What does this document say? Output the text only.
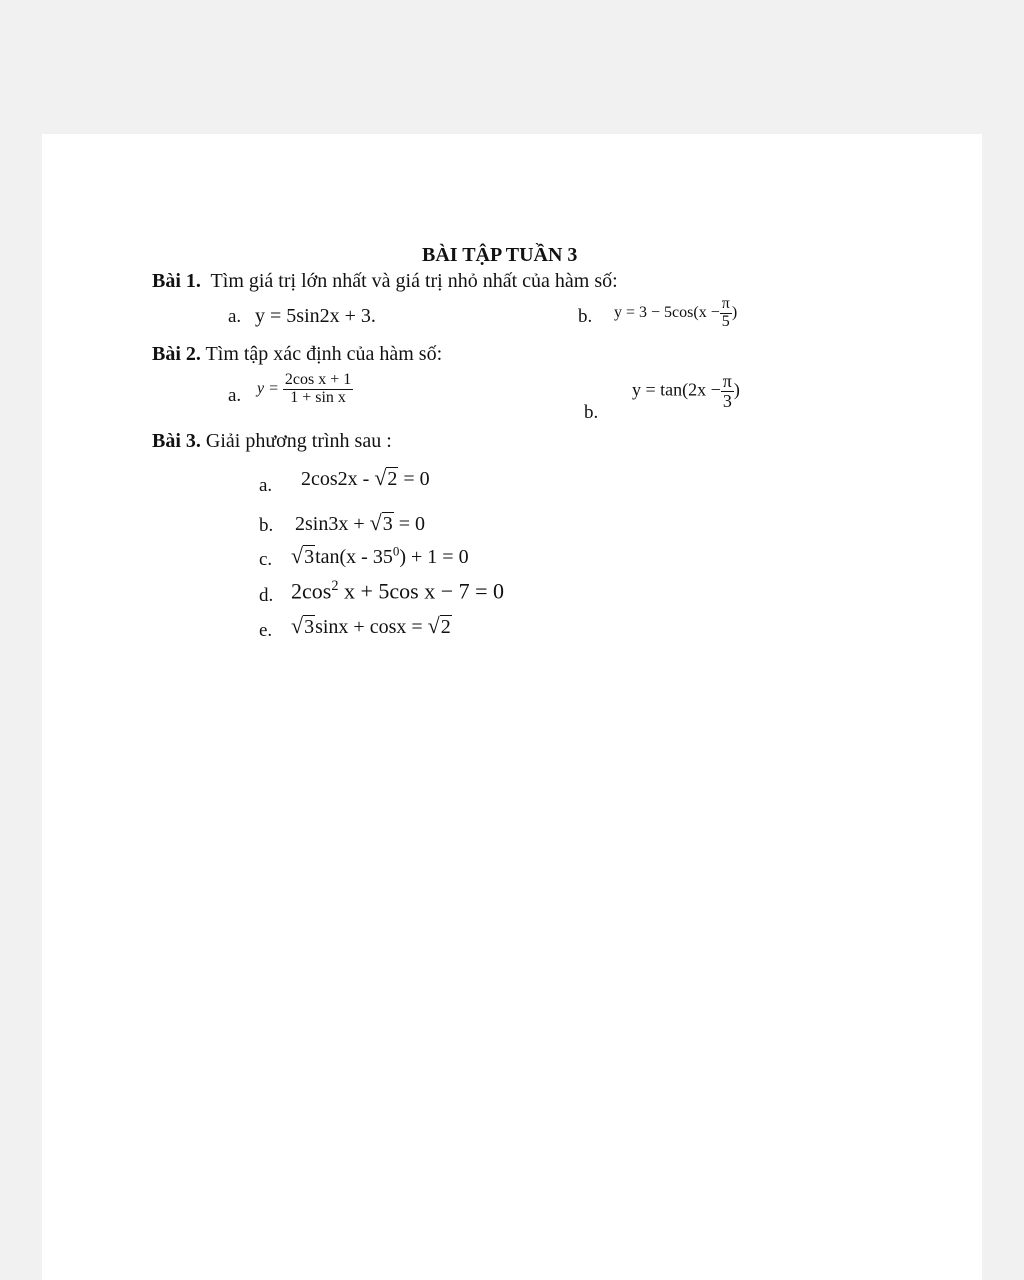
BÀI TẬP TUẦN 3
Bài 1. Tìm giá trị lớn nhất và giá trị nhỏ nhất của hàm số:
a. y = 5sin2x + 3.	b. $y = 3 - 5\cos(x - \frac{\pi}{5}$ )
Bài 2. Tìm tập xác định của hàm số:
a. $y = \frac{\text{2cos x + 1}}{\text{1 + sin x}}$
b.
$y = \tan(2x - \frac{\pi}{3}$ )
Bài 3. Giải phương trình sau :
a. 2cos2x - √2 = 0
b. 2sin3x + √3 = 0
c. $√3\tan(x - 35^0) + 1 = 0$
d. $2\cos^2$ x + 5cos x − 7 = 0
e. √3sinx + cosx = √2
